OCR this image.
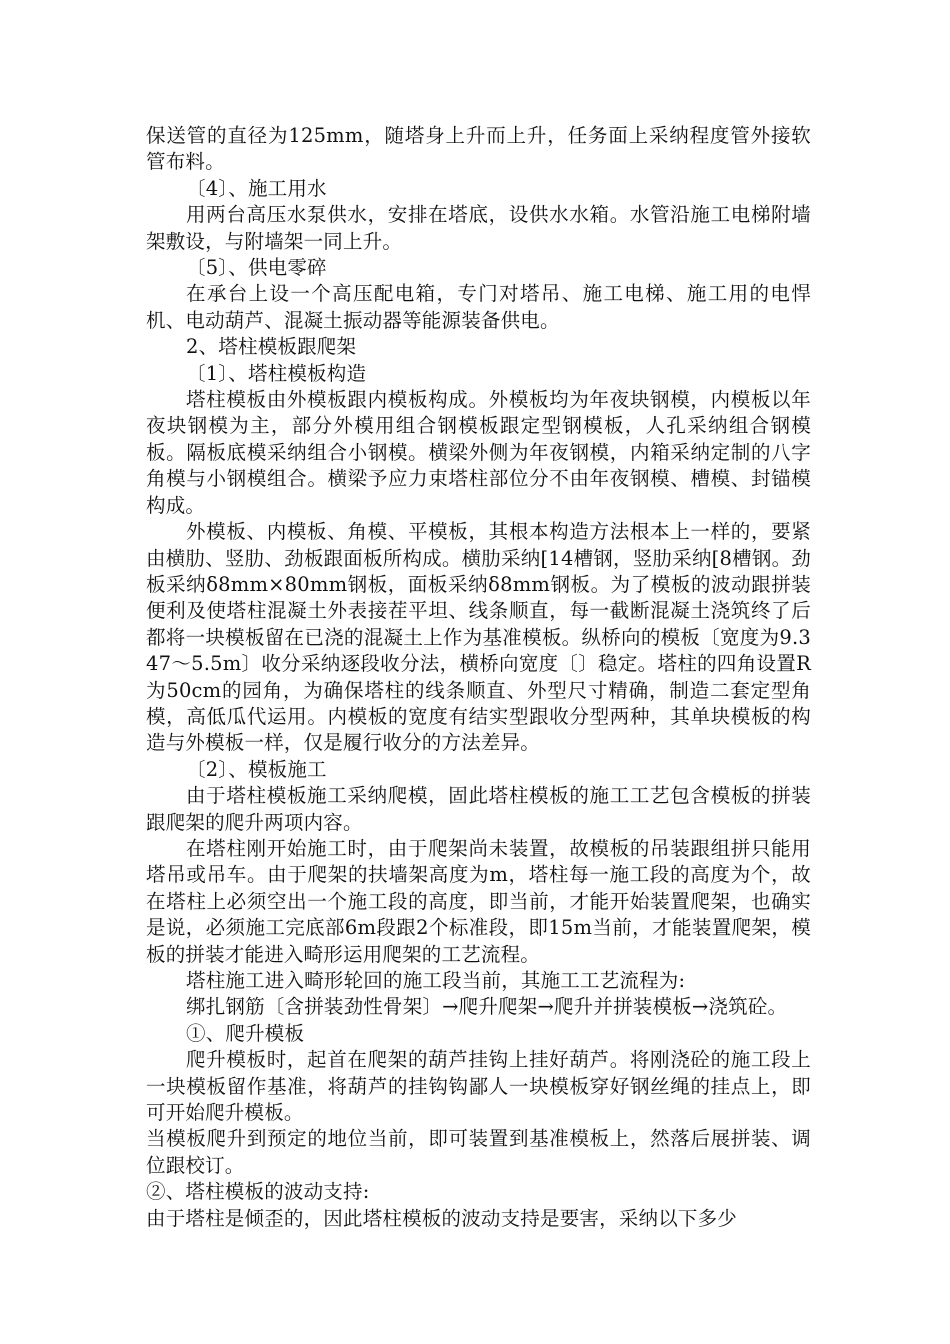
保送管的直径为125mm，随塔身上升而上升，任务面上采纳程度管外接软管布料。

〔4〕、施工用水

用两台高压水泵供水，安排在塔底，设供水水箱。水管沿施工电梯附墙架敷设，与附墙架一同上升。

〔5〕、供电零碎

在承台上设一个高压配电箱，专门对塔吊、施工电梯、施工用的电悍机、电动葫芦、混凝土振动器等能源装备供电。

2、塔柱模板跟爬架

〔1〕、塔柱模板构造

塔柱模板由外模板跟内模板构成。外模板均为年夜块钢模，内模板以年夜块钢模为主，部分外模用组合钢模板跟定型钢模板，人孔采纳组合钢模板。隔板底模采纳组合小钢模。横梁外侧为年夜钢模，内箱采纳定制的八字角模与小钢模组合。横梁予应力束塔柱部位分不由年夜钢模、槽模、封锚模构成。

外模板、内模板、角模、平模板，其根本构造方法根本上一样的，要紧由横肋、竖肋、劲板跟面板所构成。横肋采纳[14槽钢，竖肋采纳[8槽钢。劲板采纳δ8mm×80mm钢板，面板采纳δ8mm钢板。为了模板的波动跟拼装便利及使塔柱混凝土外表接茬平坦、线条顺直，每一截断混凝土浇筑终了后都将一块模板留在已浇的混凝土上作为基准模板。纵桥向的模板〔宽度为9.347～5.5m〕收分采纳逐段收分法，横桥向宽度〔〕稳定。塔柱的四角设置R为50cm的园角，为确保塔柱的线条顺直、外型尺寸精确，制造二套定型角模，高低瓜代运用。内模板的宽度有结实型跟收分型两种，其单块模板的构造与外模板一样，仅是履行收分的方法差异。

〔2〕、模板施工

由于塔柱模板施工采纳爬模，固此塔柱模板的施工工艺包含模板的拼装跟爬架的爬升两项内容。

在塔柱刚开始施工时，由于爬架尚未装置，故模板的吊装跟组拼只能用塔吊或吊车。由于爬架的扶墙架高度为m，塔柱每一施工段的高度为个，故在塔柱上必须空出一个施工段的高度，即当前，才能开始装置爬架，也确实是说，必须施工完底部6m段跟2个标准段，即15m当前，才能装置爬架，模板的拼装才能进入畸形运用爬架的工艺流程。

塔柱施工进入畸形轮回的施工段当前，其施工工艺流程为:

绑扎钢筋〔含拼装劲性骨架〕→爬升爬架→爬升并拼装模板→浇筑砼。

①、爬升模板

爬升模板时，起首在爬架的葫芦挂钩上挂好葫芦。将刚浇砼的施工段上一块模板留作基准，将葫芦的挂钩钩鄙人一块模板穿好钢丝绳的挂点上，即可开始爬升模板。

当模板爬升到预定的地位当前，即可装置到基准模板上，然落后展拼装、调位跟校订。

②、塔柱模板的波动支持:

由于塔柱是倾歪的，因此塔柱模板的波动支持是要害，采纳以下多少
